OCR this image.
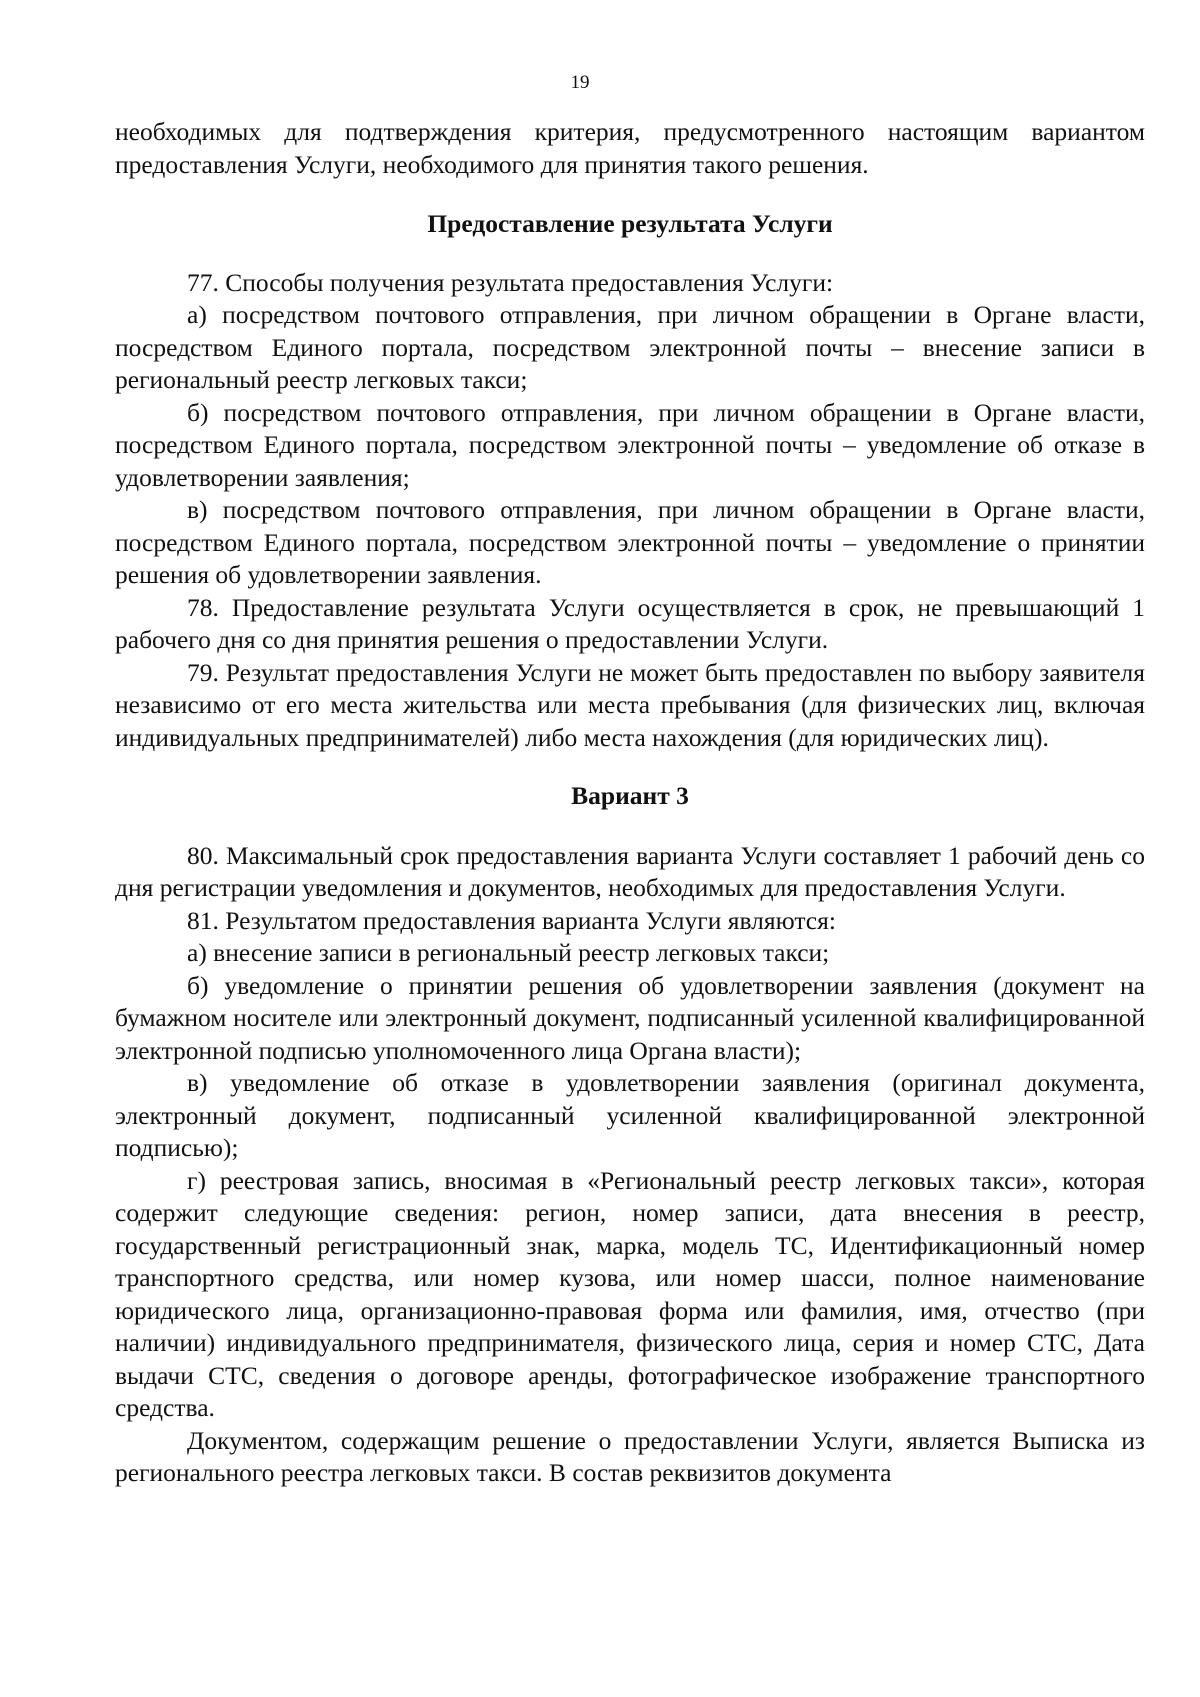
19

необходимых для подтверждения критерия, предусмотренного настоящим вариантом предоставления Услуги, необходимого для принятия такого решения.

Предоставление результата Услуги

77. Способы получения результата предоставления Услуги:

а) посредством почтового отправления, при личном обращении в Органе власти, посредством Единого портала, посредством электронной почты – внесение записи в региональный реестр легковых такси;

б) посредством почтового отправления, при личном обращении в Органе власти, посредством Единого портала, посредством электронной почты – уведомление об отказе в удовлетворении заявления;

в) посредством почтового отправления, при личном обращении в Органе власти, посредством Единого портала, посредством электронной почты – уведомление о принятии решения об удовлетворении заявления.

78. Предоставление результата Услуги осуществляется в срок, не превышающий 1 рабочего дня со дня принятия решения о предоставлении Услуги.

79. Результат предоставления Услуги не может быть предоставлен по выбору заявителя независимо от его места жительства или места пребывания (для физических лиц, включая индивидуальных предпринимателей) либо места нахождения (для юридических лиц).

Вариант 3

80. Максимальный срок предоставления варианта Услуги составляет 1 рабочий день со дня регистрации уведомления и документов, необходимых для предоставления Услуги.

81. Результатом предоставления варианта Услуги являются:

а) внесение записи в региональный реестр легковых такси;

б) уведомление о принятии решения об удовлетворении заявления (документ на бумажном носителе или электронный документ, подписанный усиленной квалифицированной электронной подписью уполномоченного лица Органа власти);

в) уведомление об отказе в удовлетворении заявления (оригинал документа, электронный документ, подписанный усиленной квалифицированной электронной подписью);

г) реестровая запись, вносимая в «Региональный реестр легковых такси», которая содержит следующие сведения: регион, номер записи, дата внесения в реестр, государственный регистрационный знак, марка, модель ТС, Идентификационный номер транспортного средства, или номер кузова, или номер шасси, полное наименование юридического лица, организационно-правовая форма или фамилия, имя, отчество (при наличии) индивидуального предпринимателя, физического лица, серия и номер СТС, Дата выдачи СТС, сведения о договоре аренды, фотографическое изображение транспортного средства.

Документом, содержащим решение о предоставлении Услуги, является Выписка из регионального реестра легковых такси. В состав реквизитов документа
